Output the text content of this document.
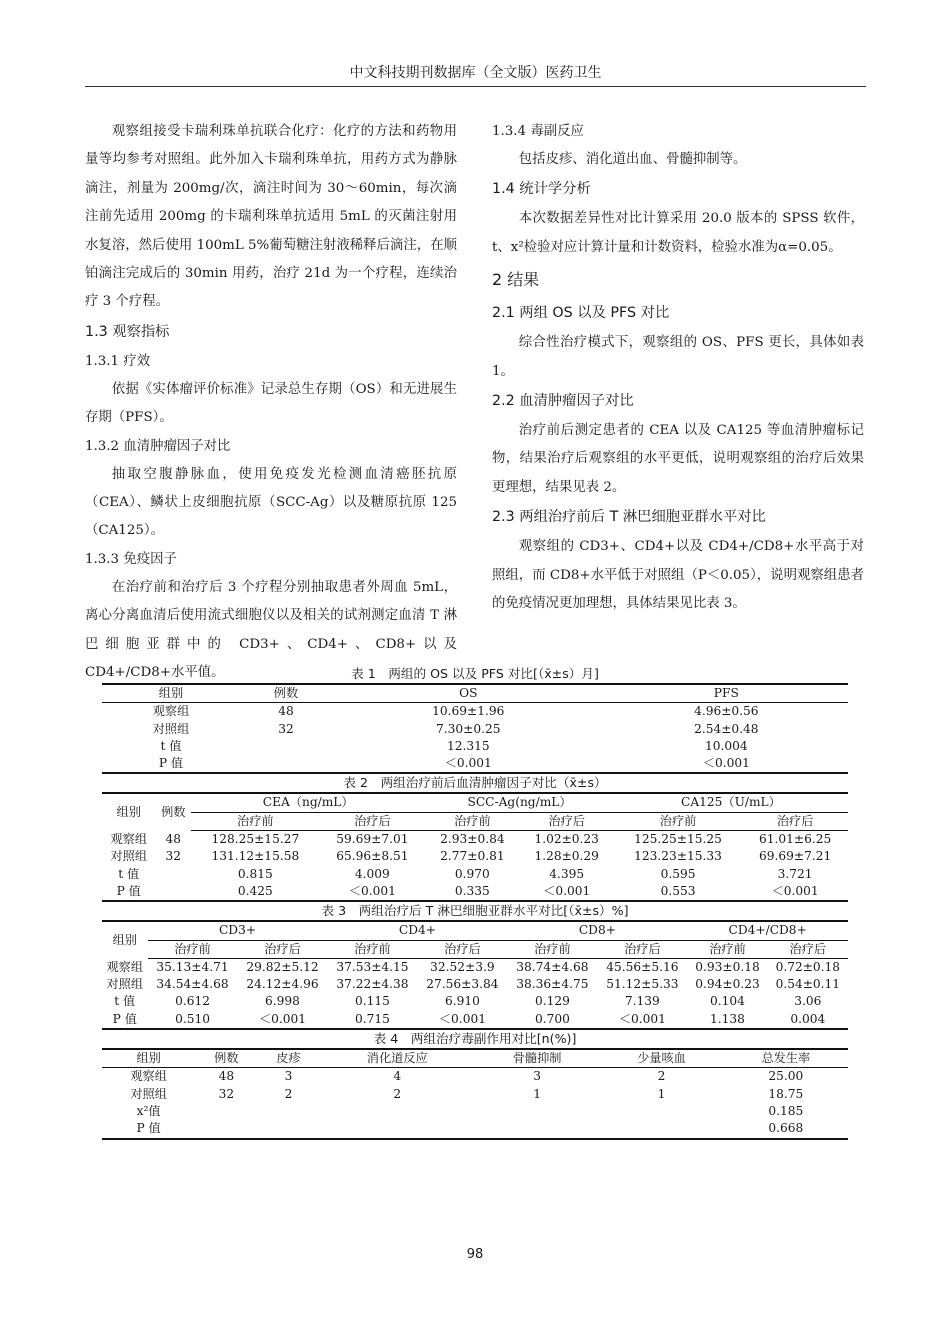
中文科技期刊数据库（全文版）医药卫生

观察组接受卡瑞利珠单抗联合化疗：化疗的方法和药物用量等均参考对照组。此外加入卡瑞利珠单抗，用药方式为静脉滴注，剂量为 200mg/次，滴注时间为 30～60min，每次滴注前先适用 200mg 的卡瑞利珠单抗适用 5mL 的灭菌注射用水复溶，然后使用 100mL 5%葡萄糖注射液稀释后滴注，在顺铂滴注完成后的 30min 用药，治疗 21d 为一个疗程，连续治疗 3 个疗程。

1.3 观察指标
1.3.1 疗效

依据《实体瘤评价标准》记录总生存期（OS）和无进展生存期（PFS）。

1.3.2 血清肿瘤因子对比

抽取空腹静脉血，使用免疫发光检测血清癌胚抗原（CEA）、鳞状上皮细胞抗原（SCC-Ag）以及糖原抗原 125（CA125）。

1.3.3 免疫因子

在治疗前和治疗后 3 个疗程分别抽取患者外周血 5mL，离心分离血清后使用流式细胞仪以及相关的试剂测定血清 T 淋巴细胞亚群中的 CD3+、CD4+、CD8+以及 CD4+/CD8+水平值。

1.3.4 毒副反应

包括皮疹、消化道出血、骨髓抑制等。

1.4 统计学分析

本次数据差异性对比计算采用 20.0 版本的 SPSS 软件，t、x²检验对应计算计量和计数资料，检验水准为α=0.05。

2 结果
2.1 两组 OS 以及 PFS 对比

综合性治疗模式下，观察组的 OS、PFS 更长，具体如表 1。

2.2 血清肿瘤因子对比

治疗前后测定患者的 CEA 以及 CA125 等血清肿瘤标记物，结果治疗后观察组的水平更低，说明观察组的治疗后效果更理想，结果见表 2。

2.3 两组治疗前后 T 淋巴细胞亚群水平对比

观察组的 CD3+、CD4+以及 CD4+/CD8+水平高于对照组，而 CD8+水平低于对照组（P＜0.05），说明观察组患者的免疫情况更加理想，具体结果见比表 3。

表 1　两组的 OS 以及 PFS 对比[（x̄±s）月]
组别	例数	OS	PFS
观察组	48	10.69±1.96	4.96±0.56
对照组	32	7.30±0.25	2.54±0.48
t 值		12.315	10.004
P 值		＜0.001	＜0.001
表 2　两组治疗前后血清肿瘤因子对比（x̄±s）
组别	例数	CEA（ng/mL）		SCC-Ag(ng/mL）		CA125（U/mL）	
		治疗前	治疗后	治疗前	治疗后	治疗前	治疗后
观察组	48	128.25±15.27	59.69±7.01	2.93±0.84	1.02±0.23	125.25±15.25	61.01±6.25
对照组	32	131.12±15.58	65.96±8.51	2.77±0.81	1.28±0.29	123.23±15.33	69.69±7.21
t 值		0.815	4.009	0.970	4.395	0.595	3.721
P 值		0.425	＜0.001	0.335	＜0.001	0.553	＜0.001
表 3　两组治疗后 T 淋巴细胞亚群水平对比[（x̄±s）%]
组别	CD3+		CD4+		CD8+		CD4+/CD8+	
	治疗前	治疗后	治疗前	治疗后	治疗前	治疗后	治疗前	治疗后
观察组	35.13±4.71	29.82±5.12	37.53±4.15	32.52±3.9	38.74±4.68	45.56±5.16	0.93±0.18	0.72±0.18
对照组	34.54±4.68	24.12±4.96	37.22±4.38	27.56±3.84	38.36±4.75	51.12±5.33	0.94±0.23	0.54±0.11
t 值	0.612	6.998	0.115	6.910	0.129	7.139	0.104	3.06
P 值	0.510	＜0.001	0.715	＜0.001	0.700	＜0.001	1.138	0.004
表 4　两组治疗毒副作用对比[n(%)]
组别	例数	皮疹	消化道反应	骨髓抑制	少量咳血	总发生率
观察组	48	3	4	3	2	25.00
对照组	32	2	2	1	1	18.75
x²值						0.185
P 值						0.668
98
